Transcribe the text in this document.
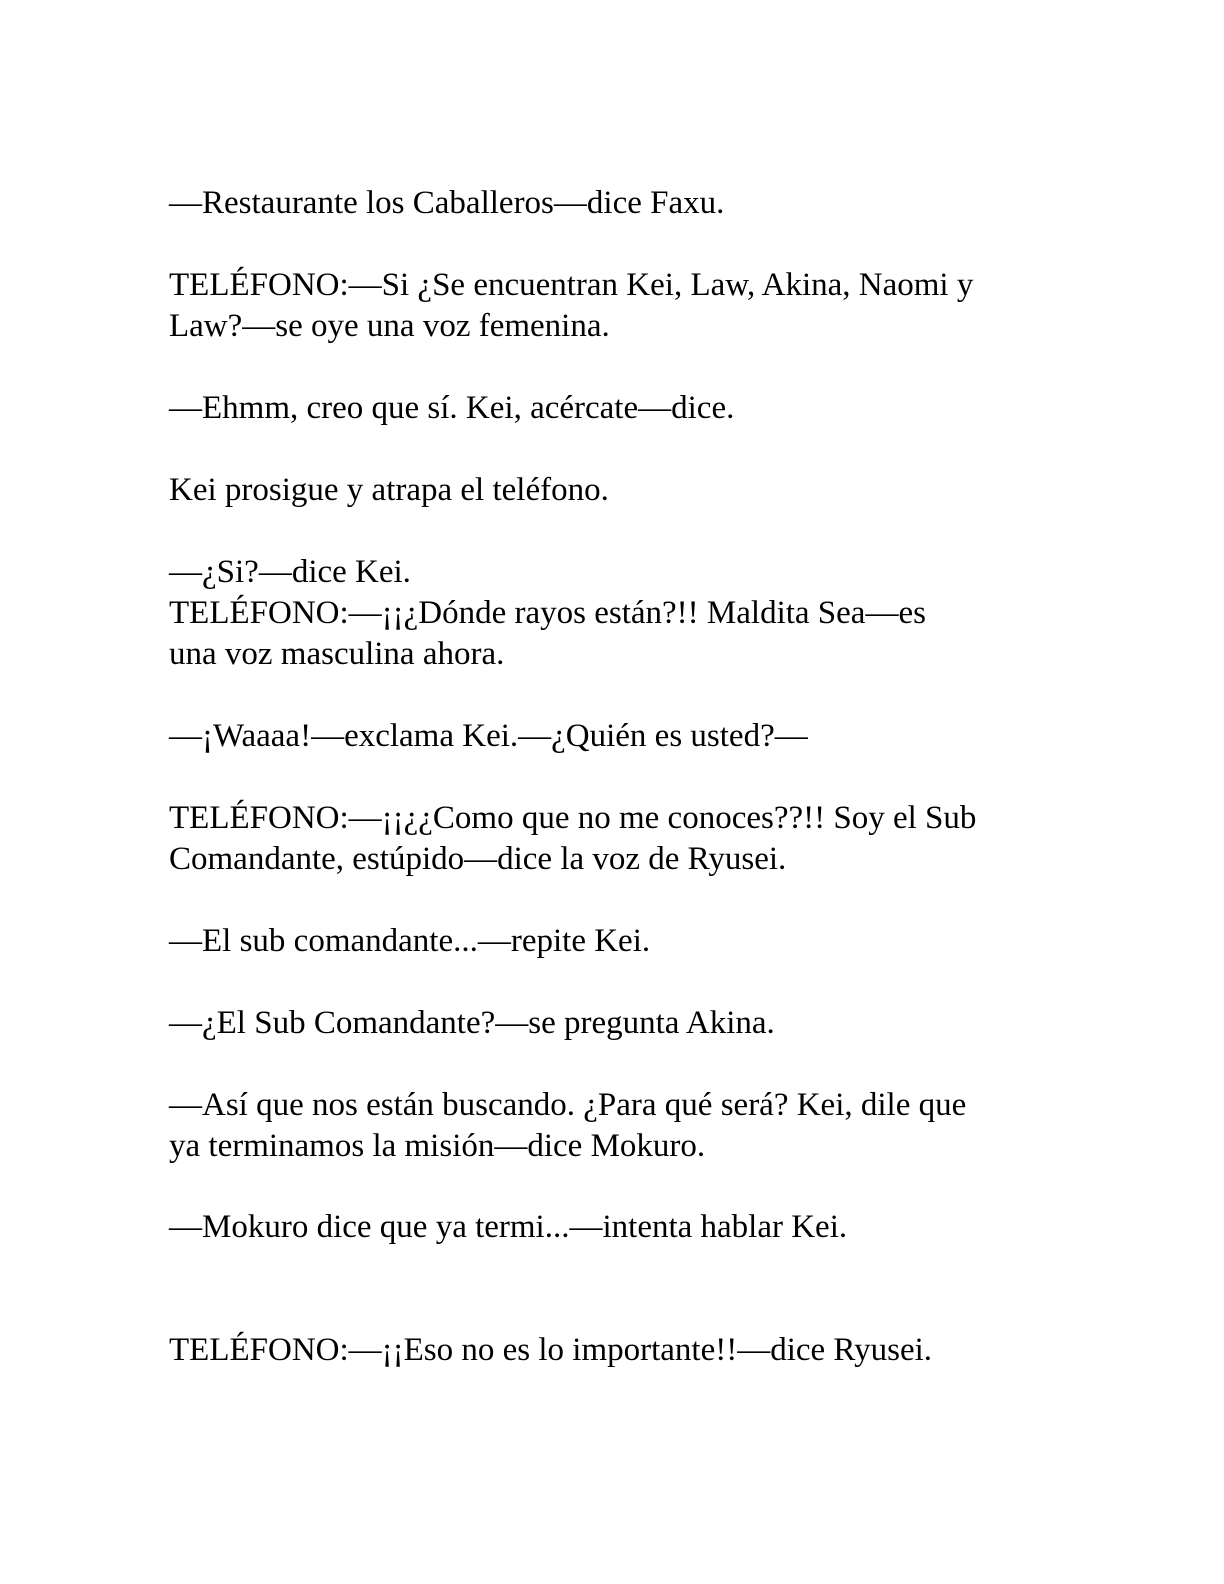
—Restaurante los Caballeros—dice Faxu.
TELÉFONO:—Si ¿Se encuentran Kei, Law, Akina, Naomi y
Law?—se oye una voz femenina.
—Ehmm, creo que sí. Kei, acércate—dice.
Kei prosigue y atrapa el teléfono.
—¿Si?—dice Kei.
TELÉFONO:—¡¡¿Dónde rayos están?!! Maldita Sea—es
una voz masculina ahora.
—¡Waaaa!—exclama Kei.—¿Quién es usted?—
TELÉFONO:—¡¡¿¿Como que no me conoces??!! Soy el Sub
Comandante, estúpido—dice la voz de Ryusei.
—El sub comandante...—repite Kei.
—¿El Sub Comandante?—se pregunta Akina.
—Así que nos están buscando. ¿Para qué será? Kei, dile que
ya terminamos la misión—dice Mokuro.
—Mokuro dice que ya termi...—intenta hablar Kei.
TELÉFONO:—¡¡Eso no es lo importante!!—dice Ryusei.
